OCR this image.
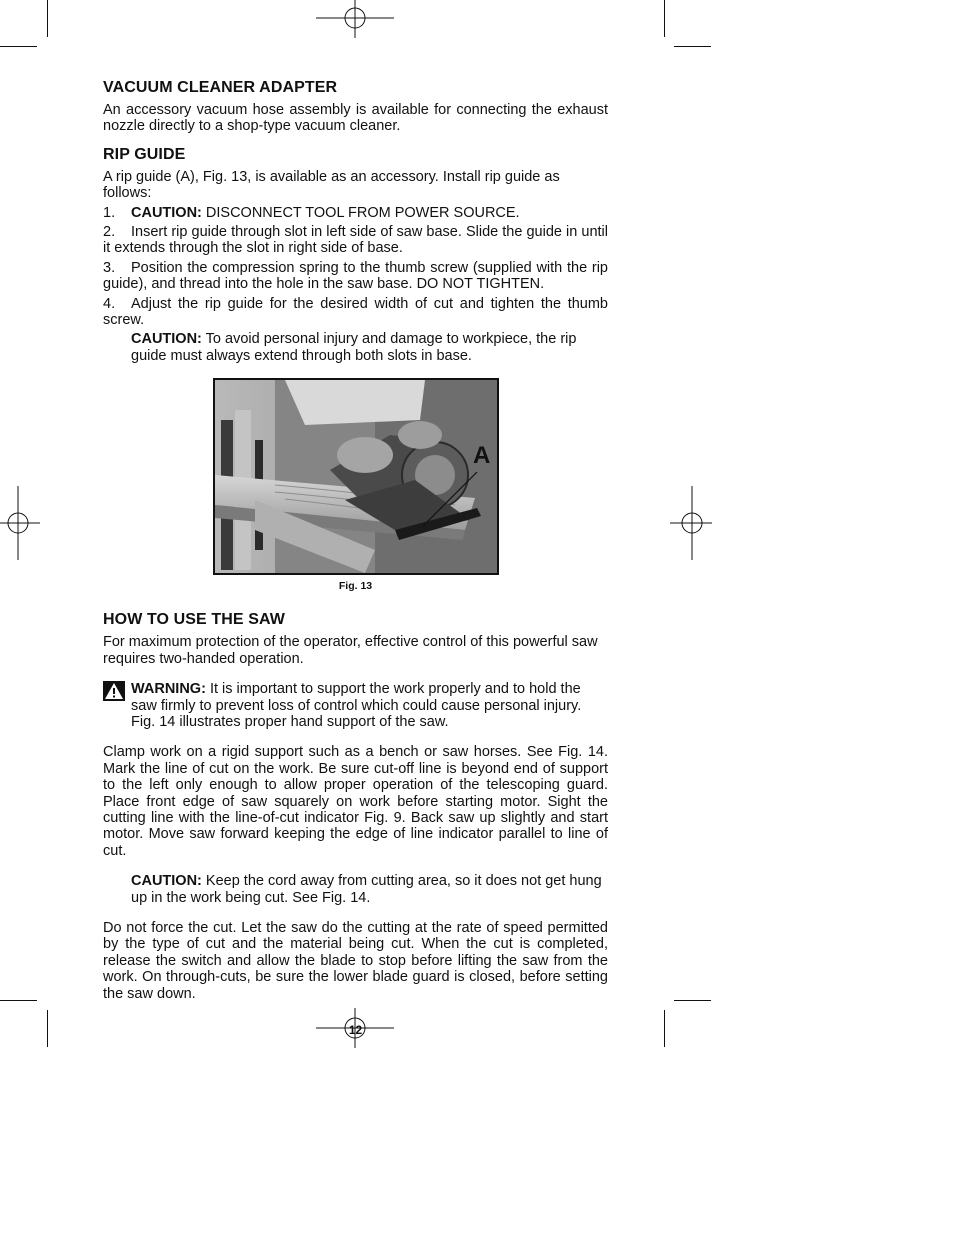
VACUUM CLEANER ADAPTER

An accessory vacuum hose assembly is available for connecting the exhaust nozzle directly to a shop-type vacuum cleaner.

RIP GUIDE

A rip guide (A), Fig. 13, is available as an accessory. Install rip guide as follows:

1. CAUTION: DISCONNECT TOOL FROM POWER SOURCE.
2. Insert rip guide through slot in left side of saw base. Slide the guide in until it extends through the slot in right side of base.
3. Position the compression spring to the thumb screw (supplied with the rip guide), and thread into the hole in the saw base. DO NOT TIGHTEN.
4. Adjust the rip guide for the desired width of cut and tighten the thumb screw.
CAUTION: To avoid personal injury and damage to workpiece, the rip guide must always extend through both slots in base.
A
Fig. 13
HOW TO USE THE SAW

For maximum protection of the operator, effective control of this powerful saw requires two-handed operation.

WARNING: It is important to support the work properly and to hold the saw firmly to prevent loss of control which could cause personal injury. Fig. 14 illustrates proper hand support of the saw.

Clamp work on a rigid support such as a bench or saw horses. See Fig. 14. Mark the line of cut on the work. Be sure cut-off line is beyond end of support to the left only enough to allow proper operation of the telescoping guard. Place front edge of saw squarely on work before starting motor. Sight the cutting line with the line-of-cut indicator Fig. 9. Back saw up slightly and start motor. Move saw forward keeping the edge of line indicator parallel to line of cut.

CAUTION: Keep the cord away from cutting area, so it does not get hung up in the work being cut. See Fig. 14.

Do not force the cut. Let the saw do the cutting at the rate of speed permitted by the type of cut and the material being cut. When the cut is completed, release the switch and allow the blade to stop before lifting the saw from the work. On through-cuts, be sure the lower blade guard is closed, before setting the saw down.

12
